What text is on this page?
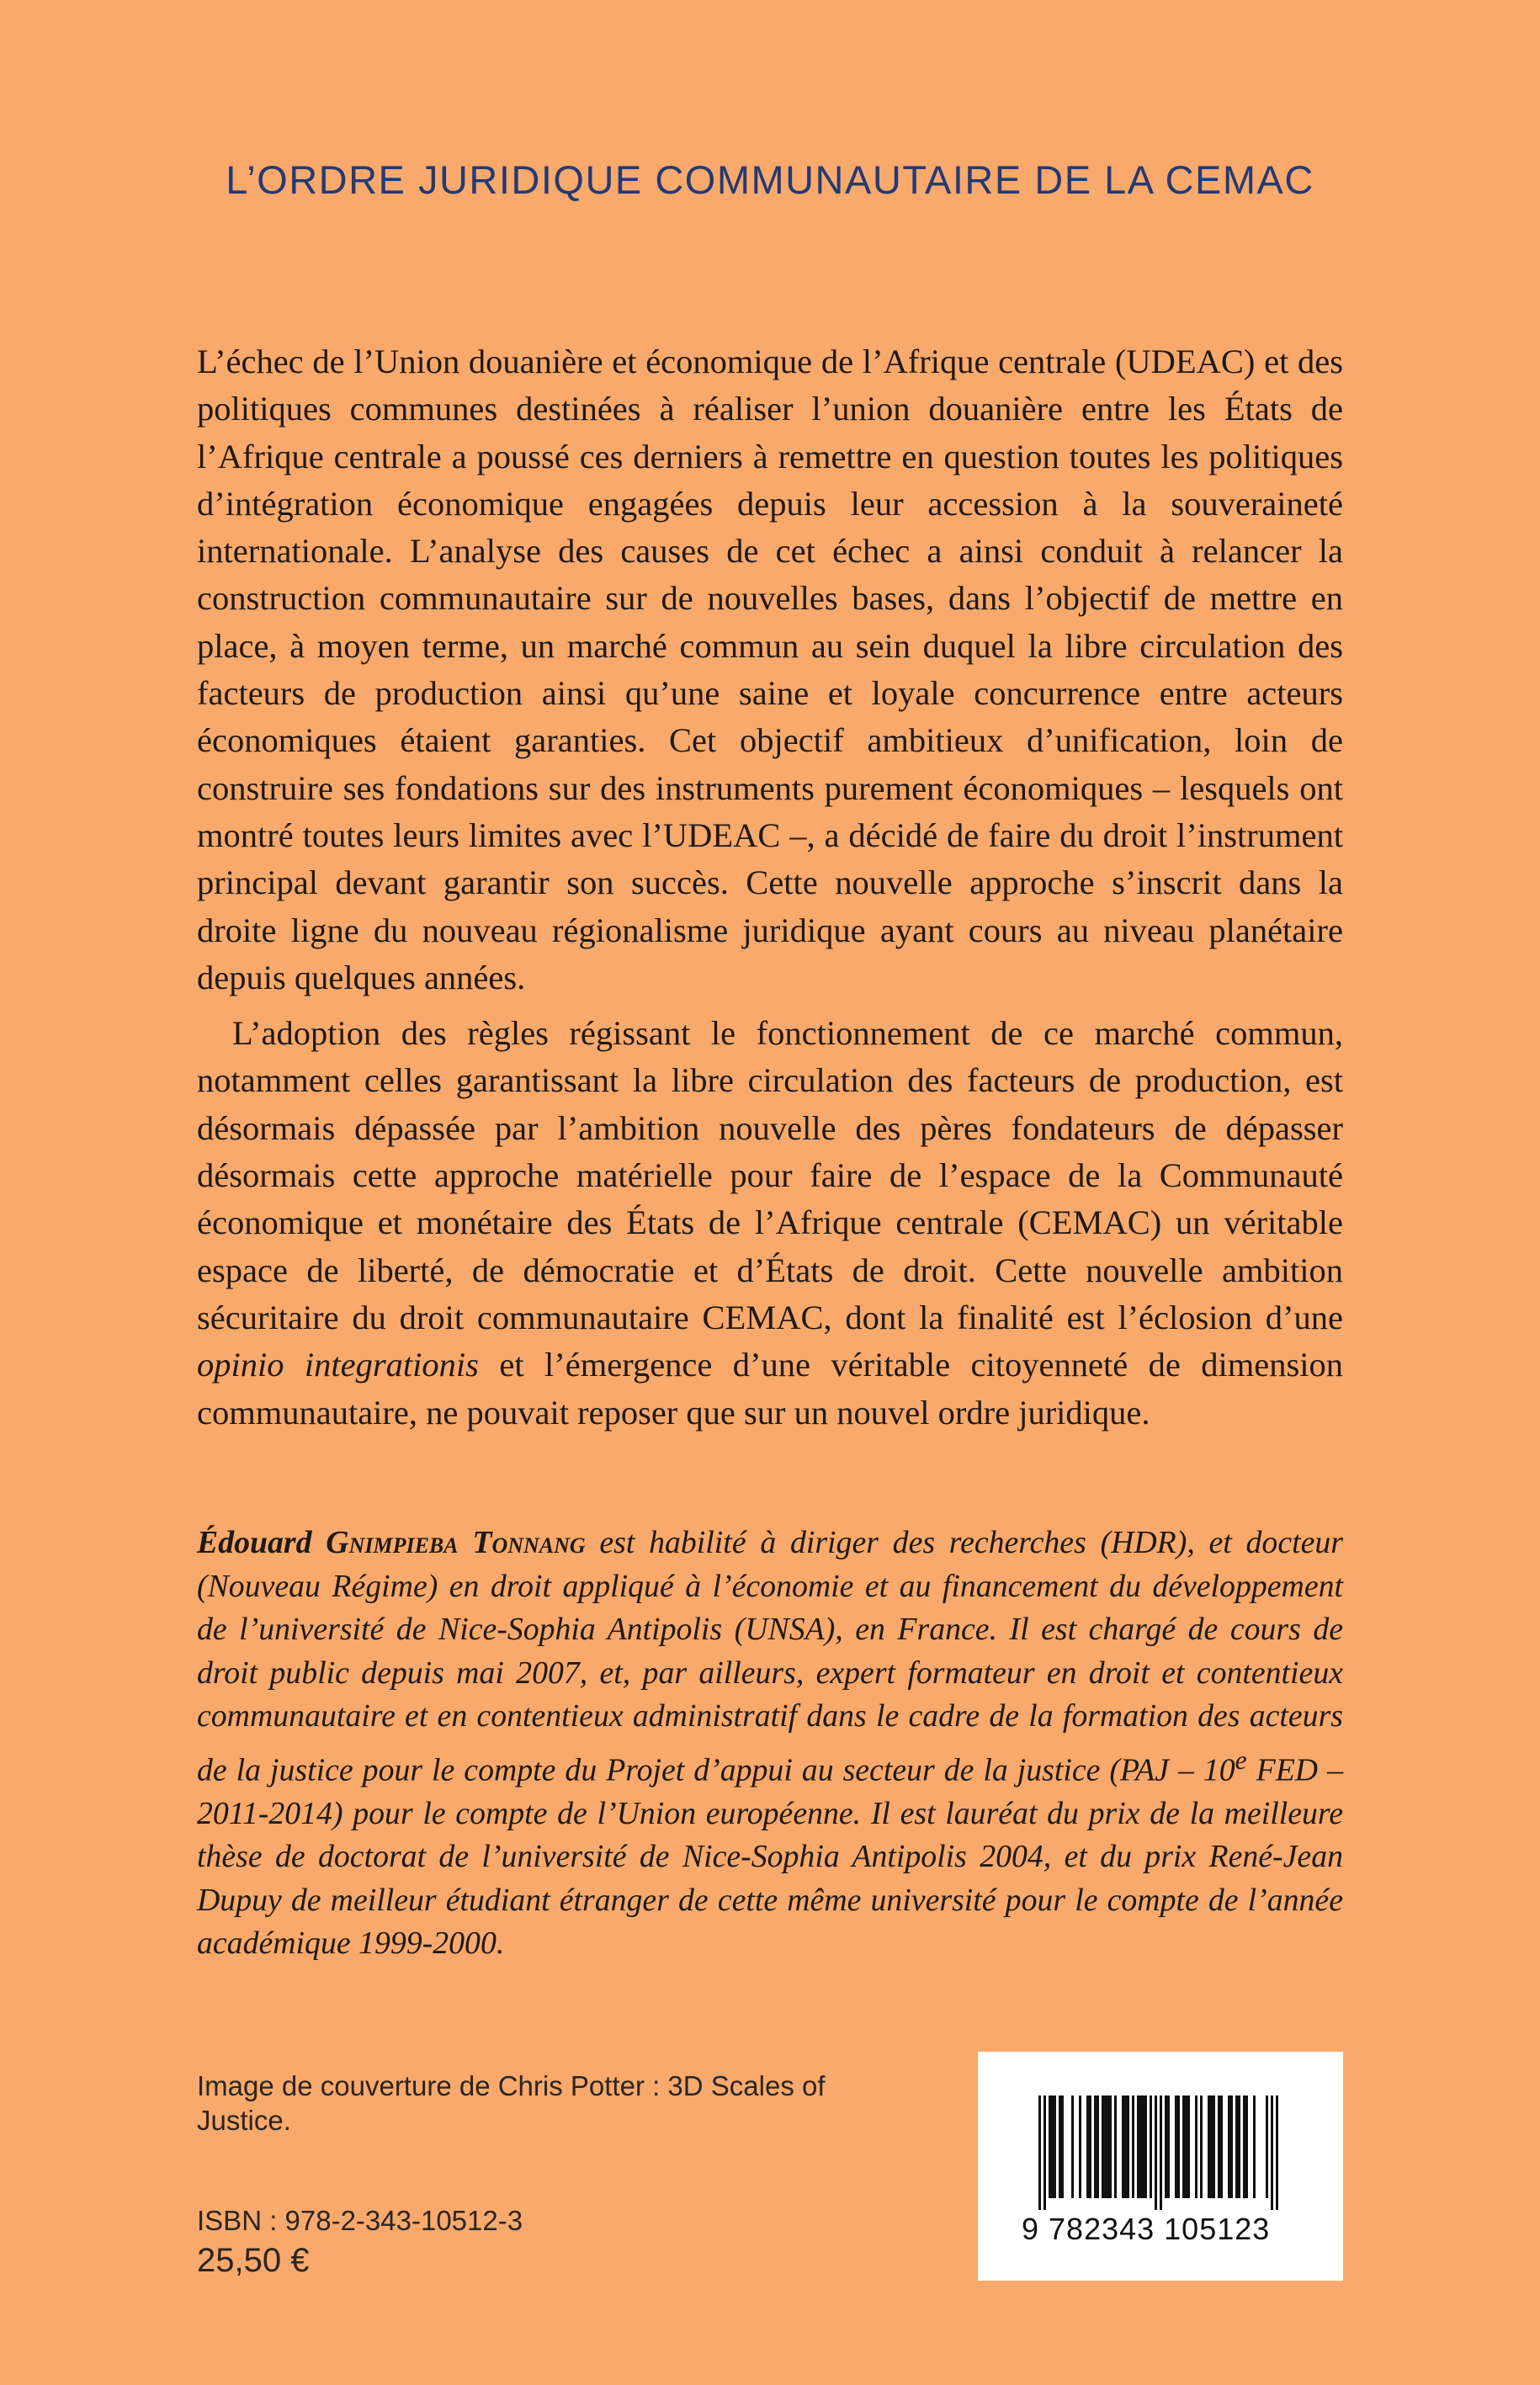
L’ORDRE JURIDIQUE COMMUNAUTAIRE DE LA CEMAC

L’échec de l’Union douanière et économique de l’Afrique centrale (UDEAC) et des politiques communes destinées à réaliser l’union douanière entre les États de l’Afrique centrale a poussé ces derniers à remettre en question toutes les politiques d’intégration économique engagées depuis leur accession à la souveraineté internationale. L’analyse des causes de cet échec a ainsi conduit à relancer la construction communautaire sur de nouvelles bases, dans l’objectif de mettre en place, à moyen terme, un marché commun au sein duquel la libre circulation des facteurs de production ainsi qu’une saine et loyale concurrence entre acteurs économiques étaient garanties. Cet objectif ambitieux d’unification, loin de construire ses fondations sur des instruments purement économiques – lesquels ont montré toutes leurs limites avec l’UDEAC –, a décidé de faire du droit l’instrument principal devant garantir son succès. Cette nouvelle approche s’inscrit dans la droite ligne du nouveau régionalisme juridique ayant cours au niveau planétaire depuis quelques années.

L’adoption des règles régissant le fonctionnement de ce marché commun, notamment celles garantissant la libre circulation des facteurs de production, est désormais dépassée par l’ambition nouvelle des pères fondateurs de dépasser désormais cette approche matérielle pour faire de l’espace de la Communauté économique et monétaire des États de l’Afrique centrale (CEMAC) un véritable espace de liberté, de démocratie et d’États de droit. Cette nouvelle ambition sécuritaire du droit communautaire CEMAC, dont la finalité est l’éclosion d’une opinio integrationis et l’émergence d’une véritable citoyenneté de dimension communautaire, ne pouvait reposer que sur un nouvel ordre juridique.

Édouard Gnimpieba Tonnang est habilité à diriger des recherches (HDR), et docteur (Nouveau Régime) en droit appliqué à l’économie et au financement du développement de l’université de Nice-Sophia Antipolis (UNSA), en France. Il est chargé de cours de droit public depuis mai 2007, et, par ailleurs, expert formateur en droit et contentieux communautaire et en contentieux administratif dans le cadre de la formation des acteurs de la justice pour le compte du Projet d’appui au secteur de la justice (PAJ – 10e FED – 2011-2014) pour le compte de l’Union européenne. Il est lauréat du prix de la meilleure thèse de doctorat de l’université de Nice-Sophia Antipolis 2004, et du prix René-Jean Dupuy de meilleur étudiant étranger de cette même université pour le compte de l’année académique 1999-2000.

Image de couverture de Chris Potter : 3D Scales of Justice.
ISBN : 978-2-343-10512-3
25,50 €
9 782343 105123
